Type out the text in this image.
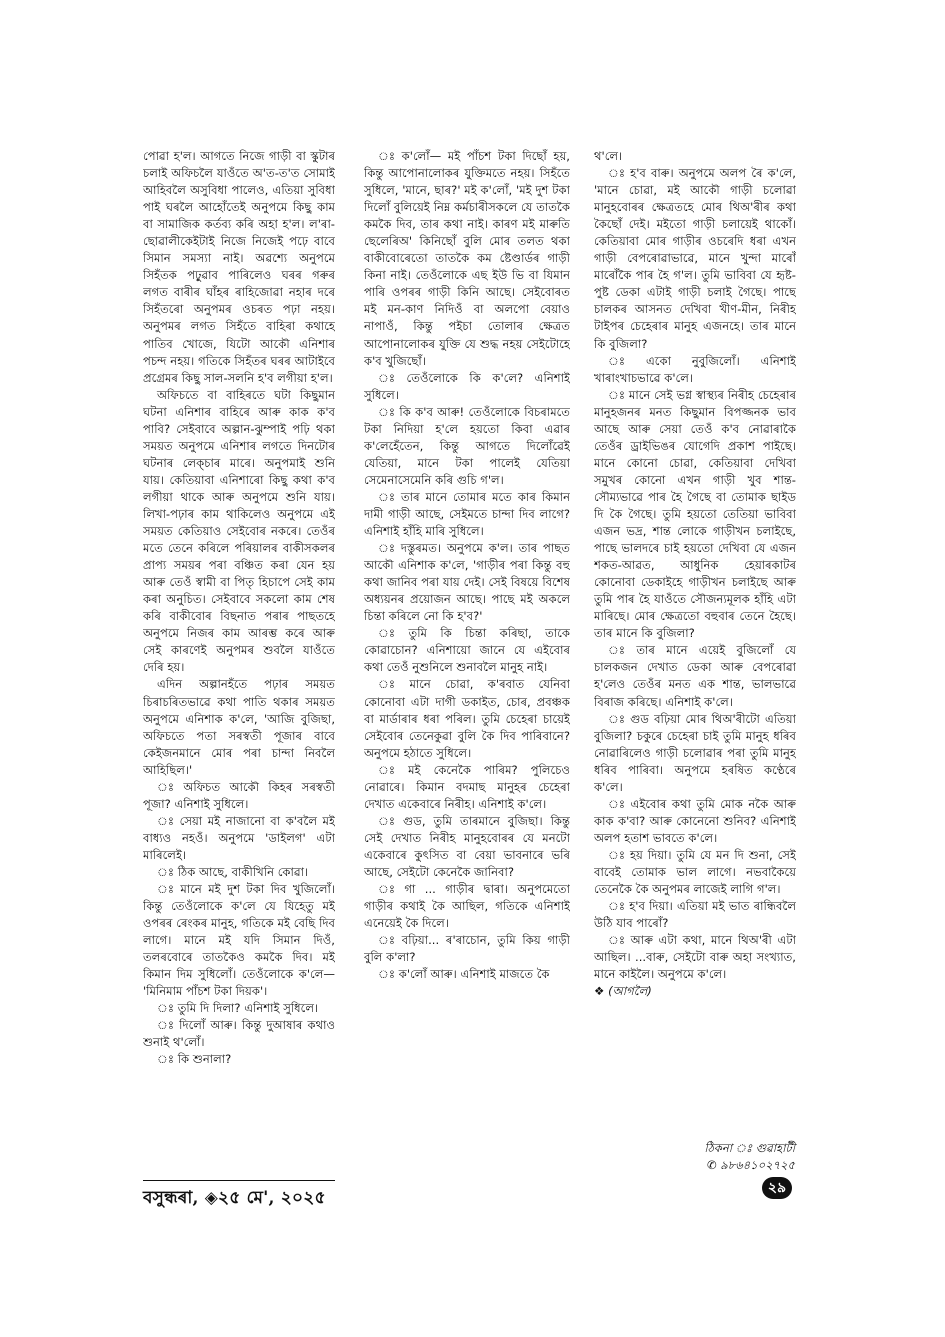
পোৱা হ'ল। আগতে নিজে গাড়ী বা স্কুটাৰ চলাই অফিচলৈ যাওঁতে অ'ত-ত'ত সোমাই আহিবলৈ অসুবিধা পালেও, এতিয়া সুবিধা পাই ঘৰলৈ আহোঁতেই অনুপমে কিছু কাম বা সামাজিক কৰ্তব্য কৰি অহা হ'ল। ল'ৰা-ছোৱালীকেইটাই নিজে নিজেই পঢ়ে বাবে সিমান সমস্যা নাই। অৱশ্যে অনুপমে সিহঁতক পঢ়ুৱাব পাৰিলেও ঘৰৰ গৰুৰ লগত বাৰীৰ ঘাঁহৰ ৰাহিজোৱা নহাৰ দৰে সিহঁতৰো অনুপমৰ ওচৰত পঢ়া নহয়। অনুপমৰ লগত সিহঁতে বাহিৰা কথাহে পাতিব খোজে, যিটো আকৌ এনিশাৰ পচন্দ নহয়। গতিকে সিহঁতৰ ঘৰৰ আটাইবে প্ৰগ্ৰেমৰ কিছু সাল-সলনি হ'ব লগীয়া হ'ল।

অফিচতে বা বাহিৰতে ঘটা কিছুমান ঘটনা এনিশাৰ বাহিৰে আৰু কাক ক'ব পাবি? সেইবাবে অল্পান-ঝুম্পাই পঢ়ি থকা সময়ত অনুপমে এনিশাৰ লগতে দিনটোৰ ঘটনাৰ লেক্চাৰ মাৰে। অনুপমাই শুনি যায়। কেতিয়াবা এনিশাৰো কিছু কথা ক'ব লগীয়া থাকে আৰু অনুপমে শুনি যায়। লিখা-পঢ়াৰ কাম থাকিলেও অনুপমে এই সময়ত কেতিয়াও সেইবোৰ নকৰে। তেওঁৰ মতে তেনে কৰিলে পৰিয়ালৰ বাকীসকলৰ প্ৰাপ্য সময়ৰ পৰা বঞ্চিত কৰা যেন হয় আৰু তেওঁ স্বামী বা পিতৃ হিচাপে সেই কাম কৰা অনুচিত। সেইবাবে সকলো কাম শেষ কৰি বাকীবোৰ বিছনাত পৰাৰ পাছতহে অনুপমে নিজৰ কাম আৰম্ভ কৰে আৰু সেই কাৰণেই অনুপমৰ শুবলৈ যাওঁতে দেৰি হয়।

এদিন অল্পানহঁতে পঢ়াৰ সময়ত চিৰাচৰিতভাৱে কথা পাতি থকাৰ সময়ত অনুপমে এনিশাক ক'লে, 'আজি বুজিছা, অফিচতে পতা সৰস্বতী পূজাৰ বাবে কেইজনমানে মোৰ পৰা চান্দা নিবলৈ আহিছিল।'

ঃ অফিচত আকৌ কিহৰ সৰস্বতী পূজা? এনিশাই সুধিলে।

ঃ সেয়া মই নাজানো বা ক'বলৈ মই বাধ্যও নহওঁ। অনুপমে 'ডাইলগ' এটা মাৰিলেই।

ঃ ঠিক আছে, বাকীখিনি কোৱা।

ঃ মানে মই দুশ টকা দিব খুজিলোঁ। কিন্তু তেওঁলোকে ক'লে যে যিহেতু মই ওপৰৰ ৰেংকৰ মানুহ, গতিকে মই বেছি দিব লাগে। মানে মই যদি সিমান দিওঁ, তলৰবোৰে তাতকৈও কমকৈ দিব। মই কিমান দিম সুধিলোঁ। তেওঁলোকে ক'লে— 'মিনিমাম পাঁচশ টকা দিয়ক'।

ঃ তুমি দি দিলা? এনিশাই সুধিলে।

ঃ দিলোঁ আৰু। কিন্তু দুআষাৰ কথাও শুনাই থ'লোঁ।

ঃ কি শুনালা?

ঃ ক'লোঁ— মই পাঁচশ টকা দিছোঁ হয়, কিন্তু আপোনালোকৰ যুক্তিমতে নহয়। সিহঁতে সুধিলে, 'মানে, ছাৰ?' মই ক'লোঁ, 'মই দুশ টকা দিলোঁ বুলিয়েই নিম্ন কৰ্মচাৰীসকলে যে তাতকৈ কমকৈ দিব, তাৰ কথা নাই। কাৰণ মই মাৰুতি ছেলেৰিঅ' কিনিছোঁ বুলি মোৰ তলত থকা বাকীবোৰেতো তাতকৈ কম ষ্টেণ্ডাৰ্ডৰ গাড়ী কিনা নাই। তেওঁলোকে এছ ইউ ভি বা যিমান পাৰি ওপৰৰ গাড়ী কিনি আছে। সেইবোৰত মই মন-কাণ নিদিওঁ বা অলপো বেয়াও নাপাওঁ, কিন্তু পইচা তোলাৰ ক্ষেত্ৰত আপোনালোকৰ যুক্তি যে শুদ্ধ নহয় সেইটোহে ক'ব খুজিছোঁ।

ঃ তেওঁলোকে কি ক'লে? এনিশাই সুধিলে।

ঃ কি ক'ব আৰু! তেওঁলোকে বিচৰামতে টকা নিদিয়া হ'লে হয়তো কিবা এৱাৰ ক'লেহেঁতেন, কিন্তু আগতে দিলোঁৱেই যেতিয়া, মানে টকা পালেই যেতিয়া সেমেনাসেমেনি কৰি গুচি গ'ল।

ঃ তাৰ মানে তোমাৰ মতে কাৰ কিমান দামী গাড়ী আছে, সেইমতে চান্দা দিব লাগে? এনিশাই হাঁহি মাৰি সুধিলে।

ঃ দস্তুৰমত। অনুপমে ক'ল। তাৰ পাছত আকৌ এনিশাক ক'লে, 'গাড়ীৰ পৰা কিন্তু বহু কথা জানিব পৰা যায় দেই। সেই বিষয়ে বিশেষ অধ্যয়নৰ প্ৰয়োজন আছে। পাছে মই অকলে চিন্তা কৰিলে নো কি হ'ব?'

ঃ তুমি কি চিন্তা কৰিছা, তাকে কোৱাচোন? এনিশায়ো জানে যে এইবোৰ কথা তেওঁ নুশুনিলে শুনাবলৈ মানুহ নাই।

ঃ মানে চোৱা, ক'ৰবাত যেনিবা কোনোবা এটা দাগী ডকাইত, চোৰ, প্ৰবঞ্চক বা মাৰ্ডাৰাৰ ধৰা পৰিল। তুমি চেহেৰা চায়েই সেইবোৰ তেনেকুৱা বুলি কৈ দিব পাৰিবানে? অনুপমে হঠাতে সুধিলে।

ঃ মই কেনেকৈ পাৰিম? পুলিচেও নোৱাৰে। কিমান বদমাছ মানুহৰ চেহেৰা দেখাত একেবাৰে নিৰীহ। এনিশাই ক'লে।

ঃ গুড, তুমি তাৰমানে বুজিছা। কিন্তু সেই দেখাত নিৰীহ মানুহবোৰৰ যে মনটো একেবাৰে কুৎসিত বা বেয়া ভাবনাৰে ভৰি আছে, সেইটো কেনেকৈ জানিবা?

ঃ গা ... গাড়ীৰ দ্বাৰা। অনুপমেতো গাড়ীৰ কথাই কৈ আছিল, গতিকে এনিশাই এনেয়েই কৈ দিলে।

ঃ বঢ়িয়া... ৰ'ৰাচোন, তুমি কিয় গাড়ী বুলি ক'লা?

ঃ ক'লোঁ আৰু। এনিশাই মাজতে কৈ

থ'লে।

ঃ হ'ব বাৰু। অনুপমে অলপ ৰৈ ক'লে, 'মানে চোৱা, মই আকৌ গাড়ী চলোৱা মানুহবোৰৰ ক্ষেত্ৰতহে মোৰ থিঅ'ৰীৰ কথা কৈছোঁ দেই। মইতো গাড়ী চলায়েই থাকোঁ। কেতিয়াবা মোৰ গাড়ীৰ ওচৰেদি ধৰা এখন গাড়ী বেপৰোৱাভাৱে, মানে খুন্দা মাৰোঁ মাৰোঁকৈ পাৰ হৈ গ'ল। তুমি ভাবিবা যে হৃষ্ট-পুষ্ট ডেকা এটাই গাড়ী চলাই গৈছে। পাছে চালকৰ আসনত দেখিবা খীণ-মীন, নিৰীহ টাইপৰ চেহেৰাৰ মানুহ এজনহে। তাৰ মানে কি বুজিলা?

ঃ একো নুবুজিলোঁ। এনিশাই খাৰাংখাচভাৱে ক'লে।

ঃ মানে সেই ভগ্ন স্বাস্থ্যৰ নিৰীহ চেহেৰাৰ মানুহজনৰ মনত কিছুমান বিপজ্জনক ভাব আছে আৰু সেয়া তেওঁ ক'ব নোৱাৰাকৈ তেওঁৰ ড্ৰাইভিঙৰ যোগেদি প্ৰকাশ পাইছে। মানে কোনো চোৱা, কেতিয়াবা দেখিবা সমুখৰ কোনো এখন গাড়ী খুব শান্ত-সৌম্যভাৱে পাৰ হৈ গৈছে বা তোমাক ছাইড দি কৈ গৈছে। তুমি হয়তো তেতিয়া ভাবিবা এজন ভদ্ৰ, শান্ত লোকে গাড়ীখন চলাইছে, পাছে ভালদৰে চাই হয়তো দেখিবা যে এজন শকত-আৱত, আধুনিক হেয়াৰকাটৰ কোনোবা ডেকাইহে গাড়ীখন চলাইছে আৰু তুমি পাৰ হৈ যাওঁতে সৌজন্যমূলক হাঁহি এটা মাৰিছে। মোৰ ক্ষেত্ৰতো বহুবাৰ তেনে হৈছে। তাৰ মানে কি বুজিলা?

ঃ তাৰ মানে এয়েই বুজিলোঁ যে চালকজন দেখাত ডেকা আৰু বেপৰোৱা হ'লেও তেওঁৰ মনত এক শান্ত, ভালভাৱে বিৰাজ কৰিছে। এনিশাই ক'লে।

ঃ গুড বঢ়িয়া মোৰ থিঅ'ৰীটো এতিয়া বুজিলা? চকুৰে চেহেৰা চাই তুমি মানুহ ধৰিব নোৱাৰিলেও গাড়ী চলোৱাৰ পৰা তুমি মানুহ ধৰিব পাৰিবা। অনুপমে হৰষিত কণ্ঠেৰে ক'লে।

ঃ এইবোৰ কথা তুমি মোক নকৈ আৰু কাক ক'বা? আৰু কোনেনো শুনিব? এনিশাই অলপ হতাশ ভাবতে ক'লে।

ঃ হয় দিয়া। তুমি যে মন দি শুনা, সেই বাবেই তোমাক ভাল লাগে। নভবাকৈয়ে তেনেকৈ কৈ অনুপমৰ লাজেই লাগি গ'ল।

ঃ হ'ব দিয়া। এতিয়া মই ভাত ৰান্ধিবলৈ উঠি যাব পাৰোঁ?

ঃ আৰু এটা কথা, মানে থিঅ'ৰী এটা আছিল। ...বাৰু, সেইটো বাৰু অহা সংখ্যাত, মানে কাইলৈ। অনুপমে ক'লে।

❖ (আগলৈ)

ঠিকনা ঃ গুৱাহাটী
✆ ৯৮৬৪১০২৭২৫
বসুন্ধৰা, ◈২৫ মে', ২০২৫	২৯
